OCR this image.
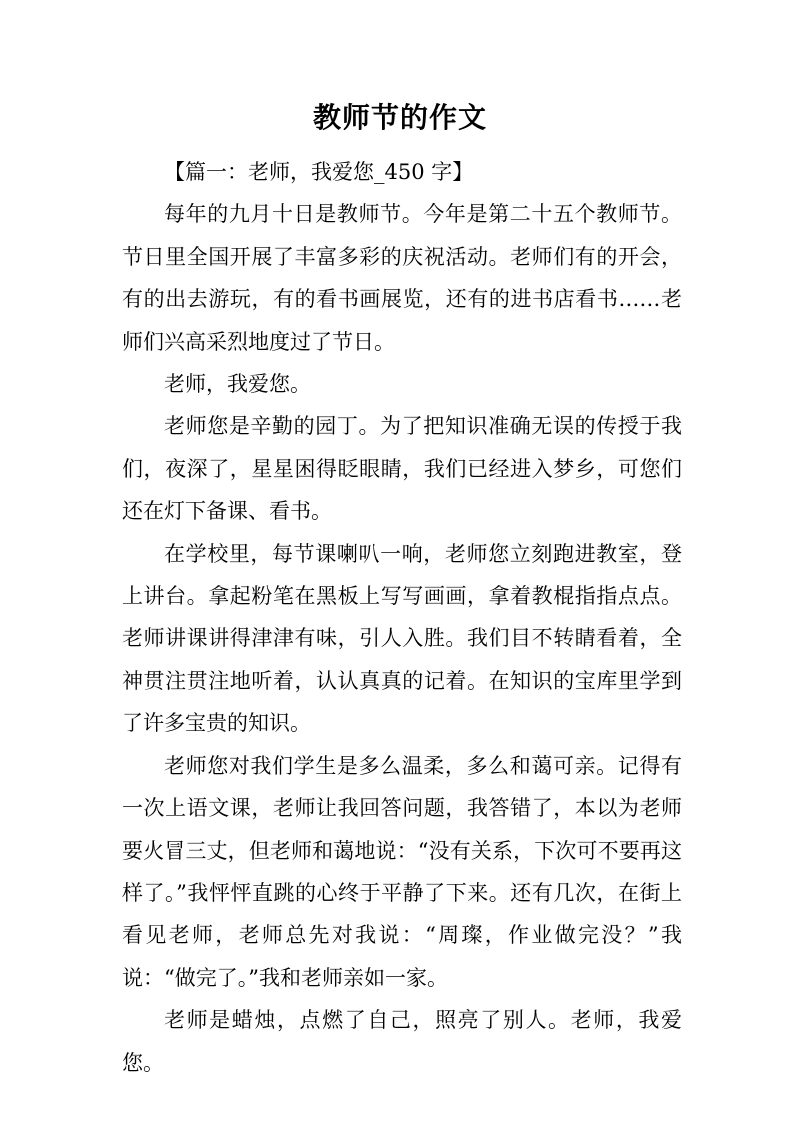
教师节的作文

【篇一：老师，我爱您_450 字】

每年的九月十日是教师节。今年是第二十五个教师节。节日里全国开展了丰富多彩的庆祝活动。老师们有的开会，有的出去游玩，有的看书画展览，还有的进书店看书……老师们兴高采烈地度过了节日。

老师，我爱您。

老师您是辛勤的园丁。为了把知识准确无误的传授于我们，夜深了，星星困得眨眼睛，我们已经进入梦乡，可您们还在灯下备课、看书。

在学校里，每节课喇叭一响，老师您立刻跑进教室，登上讲台。拿起粉笔在黑板上写写画画，拿着教棍指指点点。老师讲课讲得津津有味，引人入胜。我们目不转睛看着，全神贯注贯注地听着，认认真真的记着。在知识的宝库里学到了许多宝贵的知识。

老师您对我们学生是多么温柔，多么和蔼可亲。记得有一次上语文课，老师让我回答问题，我答错了，本以为老师要火冒三丈，但老师和蔼地说：“没有关系，下次可不要再这样了。”我怦怦直跳的心终于平静了下来。还有几次，在街上看见老师，老师总先对我说：“周璨，作业做完没？”我说：“做完了。”我和老师亲如一家。

老师是蜡烛，点燃了自己，照亮了别人。老师，我爱您。
